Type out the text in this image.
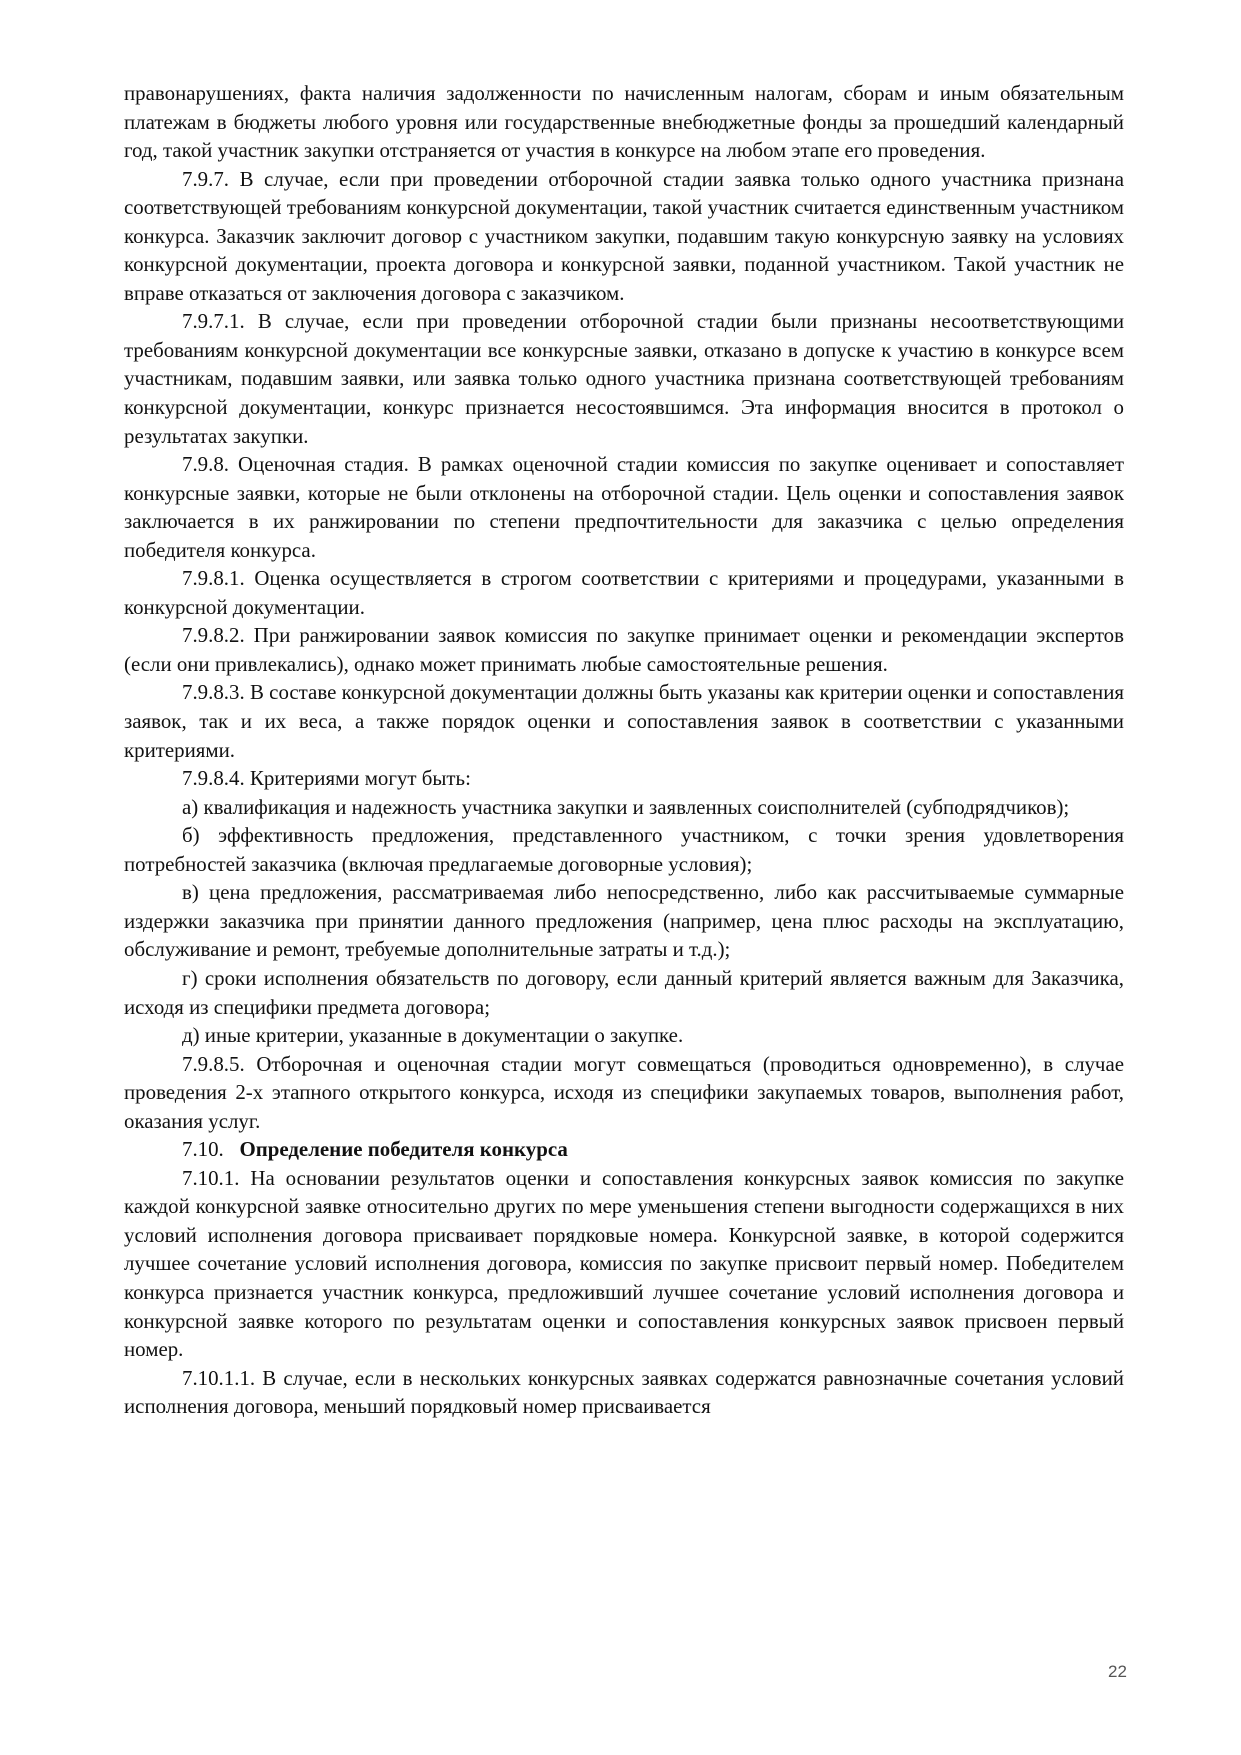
правонарушениях, факта наличия задолженности по начисленным налогам, сборам и иным обязательным платежам в бюджеты любого уровня или государственные внебюджетные фонды за прошедший календарный год, такой участник закупки отстраняется от участия в конкурсе на любом этапе его проведения.

7.9.7. В случае, если при проведении отборочной стадии заявка только одного участника признана соответствующей требованиям конкурсной документации, такой участник считается единственным участником конкурса. Заказчик заключит договор с участником закупки, подавшим такую конкурсную заявку на условиях конкурсной документации, проекта договора и конкурсной заявки, поданной участником. Такой участник не вправе отказаться от заключения договора с заказчиком.

7.9.7.1. В случае, если при проведении отборочной стадии были признаны несоответствующими требованиям конкурсной документации все конкурсные заявки, отказано в допуске к участию в конкурсе всем участникам, подавшим заявки, или заявка только одного участника признана соответствующей требованиям конкурсной документации, конкурс признается несостоявшимся. Эта информация вносится в протокол о результатах закупки.

7.9.8. Оценочная стадия. В рамках оценочной стадии комиссия по закупке оценивает и сопоставляет конкурсные заявки, которые не были отклонены на отборочной стадии. Цель оценки и сопоставления заявок заключается в их ранжировании по степени предпочтительности для заказчика с целью определения победителя конкурса.

7.9.8.1. Оценка осуществляется в строгом соответствии с критериями и процедурами, указанными в конкурсной документации.

7.9.8.2. При ранжировании заявок комиссия по закупке принимает оценки и рекомендации экспертов (если они привлекались), однако может принимать любые самостоятельные решения.

7.9.8.3. В составе конкурсной документации должны быть указаны как критерии оценки и сопоставления заявок, так и их веса, а также порядок оценки и сопоставления заявок в соответствии с указанными критериями.

7.9.8.4. Критериями могут быть:

а) квалификация и надежность участника закупки и заявленных соисполнителей (субподрядчиков);

б) эффективность предложения, представленного участником, с точки зрения удовлетворения потребностей заказчика (включая предлагаемые договорные условия);

в) цена предложения, рассматриваемая либо непосредственно, либо как рассчитываемые суммарные издержки заказчика при принятии данного предложения (например, цена плюс расходы на эксплуатацию, обслуживание и ремонт, требуемые дополнительные затраты и т.д.);

г) сроки исполнения обязательств по договору, если данный критерий является важным для Заказчика, исходя из специфики предмета договора;

д) иные критерии, указанные в документации о закупке.

7.9.8.5. Отборочная и оценочная стадии могут совмещаться (проводиться одновременно), в случае проведения 2-х этапного открытого конкурса, исходя из специфики закупаемых товаров, выполнения работ, оказания услуг.

7.10. Определение победителя конкурса

7.10.1. На основании результатов оценки и сопоставления конкурсных заявок комиссия по закупке каждой конкурсной заявке относительно других по мере уменьшения степени выгодности содержащихся в них условий исполнения договора присваивает порядковые номера. Конкурсной заявке, в которой содержится лучшее сочетание условий исполнения договора, комиссия по закупке присвоит первый номер. Победителем конкурса признается участник конкурса, предложивший лучшее сочетание условий исполнения договора и конкурсной заявке которого по результатам оценки и сопоставления конкурсных заявок присвоен первый номер.

7.10.1.1. В случае, если в нескольких конкурсных заявках содержатся равнозначные сочетания условий исполнения договора, меньший порядковый номер присваивается

22
